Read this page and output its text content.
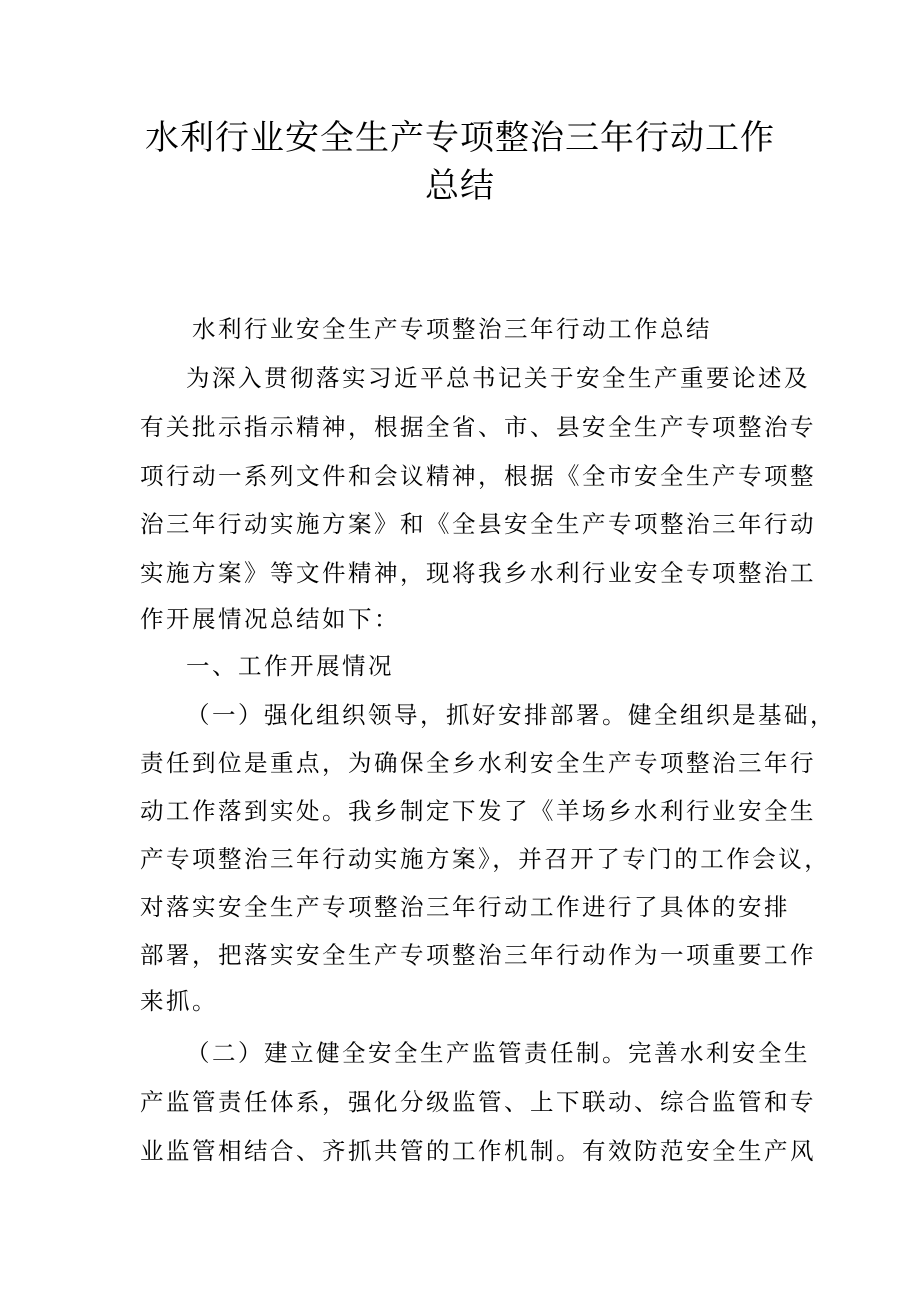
水利行业安全生产专项整治三年行动工作
总结
水利行业安全生产专项整治三年行动工作总结
为深入贯彻落实习近平总书记关于安全生产重要论述及
有关批示指示精神，根据全省、市、县安全生产专项整治专
项行动一系列文件和会议精神，根据《全市安全生产专项整
治三年行动实施方案》和《全县安全生产专项整治三年行动
实施方案》等文件精神，现将我乡水利行业安全专项整治工
作开展情况总结如下：
一、工作开展情况
（一）强化组织领导，抓好安排部署。健全组织是基础，
责任到位是重点，为确保全乡水利安全生产专项整治三年行
动工作落到实处。我乡制定下发了《羊场乡水利行业安全生
产专项整治三年行动实施方案》，并召开了专门的工作会议，
对落实安全生产专项整治三年行动工作进行了具体的安排
部署，把落实安全生产专项整治三年行动作为一项重要工作
来抓。
（二）建立健全安全生产监管责任制。完善水利安全生
产监管责任体系，强化分级监管、上下联动、综合监管和专
业监管相结合、齐抓共管的工作机制。有效防范安全生产风
